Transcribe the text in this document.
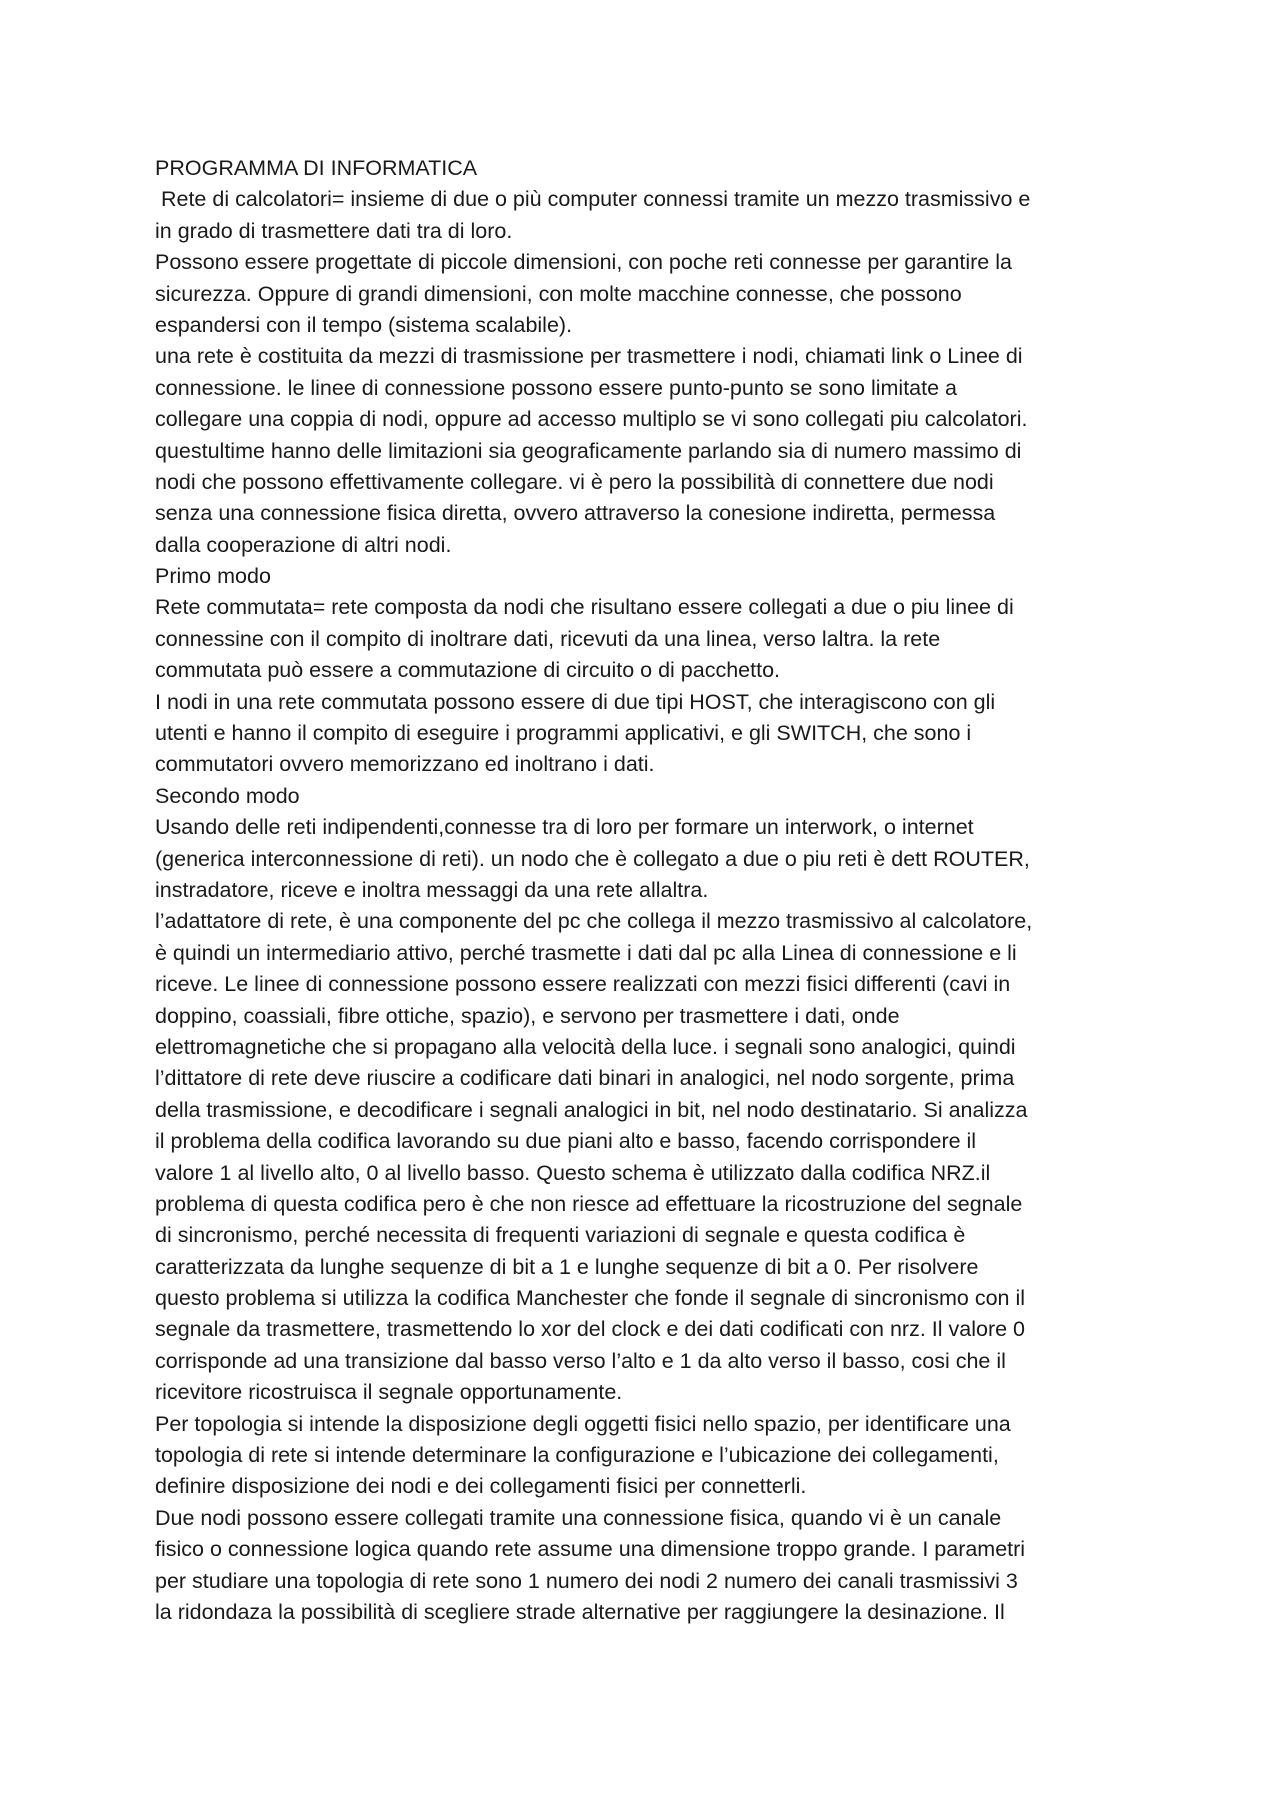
PROGRAMMA DI INFORMATICA
Rete di calcolatori= insieme di due o più computer connessi tramite un mezzo trasmissivo e
in grado di trasmettere dati tra di loro.
Possono essere progettate di piccole dimensioni, con poche reti connesse per garantire la
sicurezza. Oppure di grandi dimensioni, con molte macchine connesse, che possono
espandersi con il tempo (sistema scalabile).
una rete è costituita da mezzi di trasmissione per trasmettere i nodi, chiamati link o Linee di
connessione. le linee di connessione possono essere punto-punto se sono limitate a
collegare una coppia di nodi, oppure ad accesso multiplo se vi sono collegati piu calcolatori.
questultime hanno delle limitazioni sia geograficamente parlando sia di numero massimo di
nodi che possono effettivamente collegare. vi è pero la possibilità di connettere due nodi
senza una connessione fisica diretta, ovvero attraverso la conesione indiretta, permessa
dalla cooperazione di altri nodi.
Primo modo
Rete commutata= rete composta da nodi che risultano essere collegati a due o piu linee di
connessine con il compito di inoltrare dati, ricevuti da una linea, verso laltra. la rete
commutata può essere a commutazione di circuito o di pacchetto.
I nodi in una rete commutata possono essere di due tipi HOST, che interagiscono con gli
utenti e hanno il compito di eseguire i programmi applicativi, e gli SWITCH, che sono i
commutatori ovvero memorizzano ed inoltrano i dati.
Secondo modo
Usando delle reti indipendenti,connesse tra di loro per formare un interwork, o internet
(generica interconnessione di reti). un nodo che è collegato a due o piu reti è dett ROUTER,
instradatore, riceve e inoltra messaggi da una rete allaltra.
l’adattatore di rete, è una componente del pc che collega il mezzo trasmissivo al calcolatore,
è quindi un intermediario attivo, perché trasmette i dati dal pc alla Linea di connessione e li
riceve. Le linee di connessione possono essere realizzati con mezzi fisici differenti (cavi in
doppino, coassiali, fibre ottiche, spazio), e servono per trasmettere i dati, onde
elettromagnetiche che si propagano alla velocità della luce. i segnali sono analogici, quindi
l’dittatore di rete deve riuscire a codificare dati binari in analogici, nel nodo sorgente, prima
della trasmissione, e decodificare i segnali analogici in bit, nel nodo destinatario. Si analizza
il problema della codifica lavorando su due piani alto e basso, facendo corrispondere il
valore 1 al livello alto, 0 al livello basso. Questo schema è utilizzato dalla codifica NRZ.il
problema di questa codifica pero è che non riesce ad effettuare la ricostruzione del segnale
di sincronismo, perché necessita di frequenti variazioni di segnale e questa codifica è
caratterizzata da lunghe sequenze di bit a 1 e lunghe sequenze di bit a 0. Per risolvere
questo problema si utilizza la codifica Manchester che fonde il segnale di sincronismo con il
segnale da trasmettere, trasmettendo lo xor del clock e dei dati codificati con nrz. Il valore 0
corrisponde ad una transizione dal basso verso l’alto e 1 da alto verso il basso, cosi che il
ricevitore ricostruisca il segnale opportunamente.
Per topologia si intende la disposizione degli oggetti fisici nello spazio, per identificare una
topologia di rete si intende determinare la configurazione e l’ubicazione dei collegamenti,
definire disposizione dei nodi e dei collegamenti fisici per connetterli.
Due nodi possono essere collegati tramite una connessione fisica, quando vi è un canale
fisico o connessione logica quando rete assume una dimensione troppo grande. I parametri
per studiare una topologia di rete sono 1 numero dei nodi 2 numero dei canali trasmissivi 3
la ridondaza la possibilità di scegliere strade alternative per raggiungere la desinazione. Il
